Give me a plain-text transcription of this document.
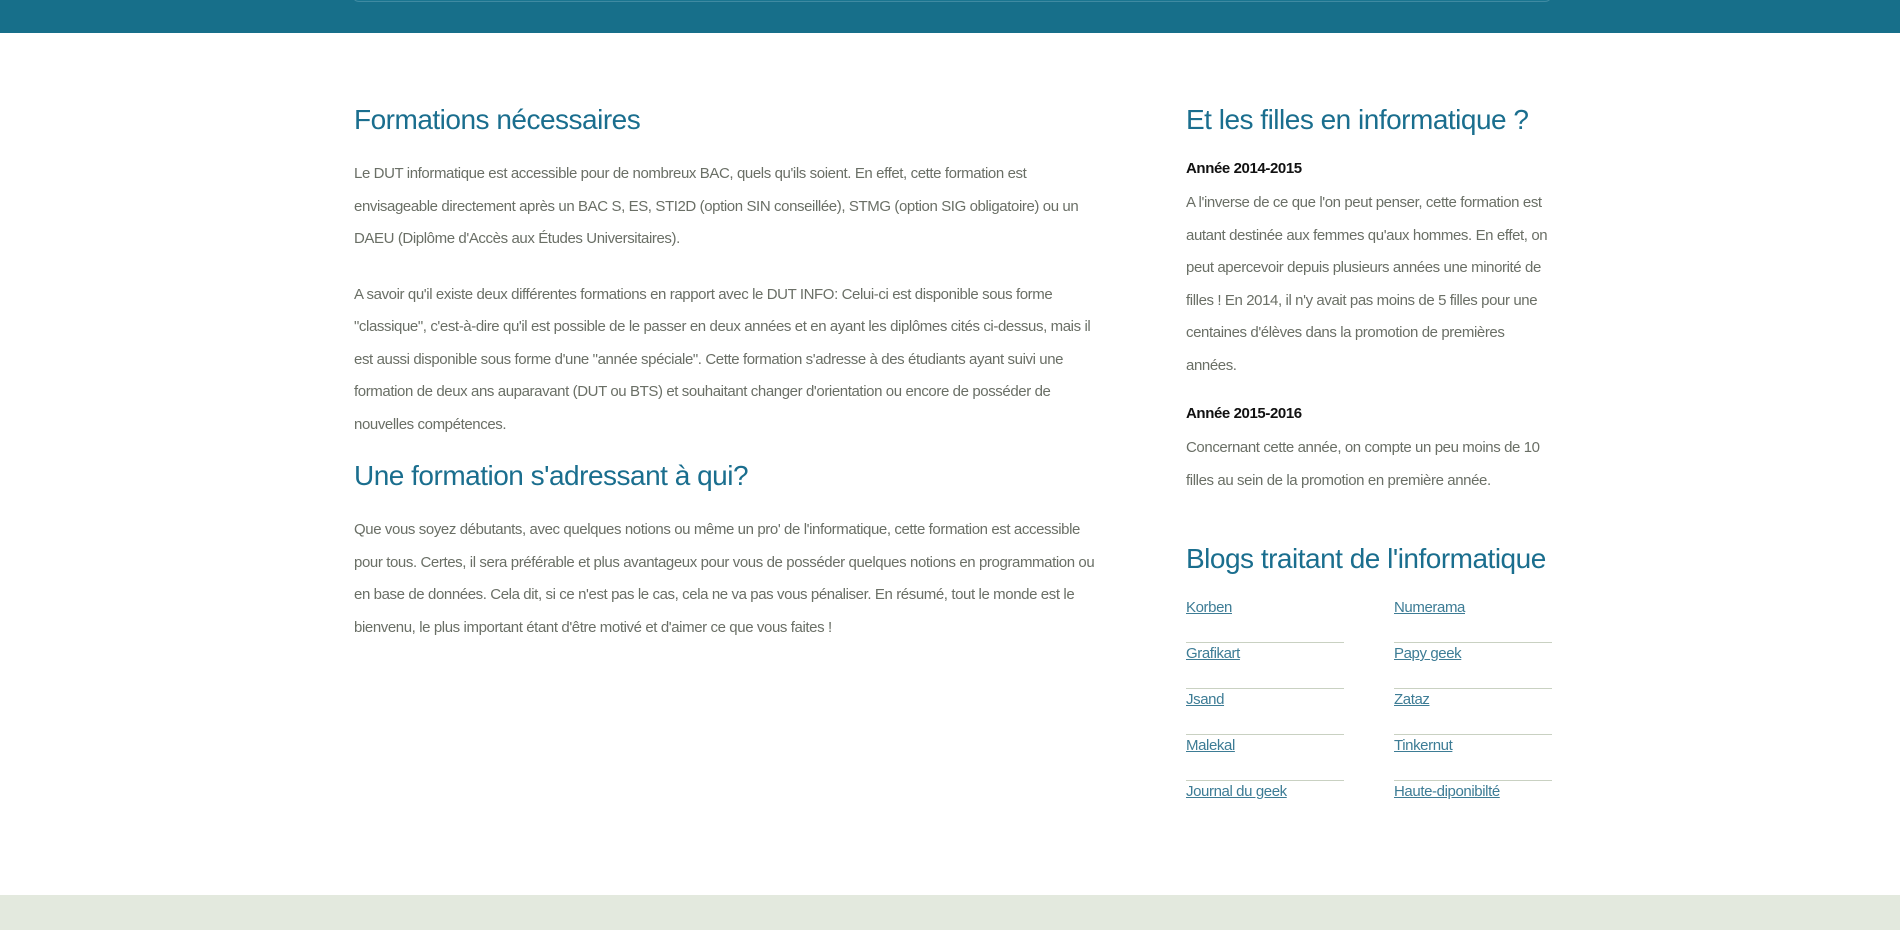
Formations nécessaires

Le DUT informatique est accessible pour de nombreux BAC, quels qu'ils soient. En effet, cette formation est envisageable directement après un BAC S, ES, STI2D (option SIN conseillée), STMG (option SIG obligatoire) ou un DAEU (Diplôme d'Accès aux Études Universitaires).

A savoir qu'il existe deux différentes formations en rapport avec le DUT INFO: Celui-ci est disponible sous forme "classique", c'est-à-dire qu'il est possible de le passer en deux années et en ayant les diplômes cités ci-dessus, mais il est aussi disponible sous forme d'une "année spéciale". Cette formation s'adresse à des étudiants ayant suivi une formation de deux ans auparavant (DUT ou BTS) et souhaitant changer d'orientation ou encore de posséder de nouvelles compétences.

Une formation s'adressant à qui?

Que vous soyez débutants, avec quelques notions ou même un pro' de l'informatique, cette formation est accessible pour tous. Certes, il sera préférable et plus avantageux pour vous de posséder quelques notions en programmation ou en base de données. Cela dit, si ce n'est pas le cas, cela ne va pas vous pénaliser. En résumé, tout le monde est le bienvenu, le plus important étant d'être motivé et d'aimer ce que vous faites !

Et les filles en informatique ?
Année 2014-2015

A l'inverse de ce que l'on peut penser, cette formation est autant destinée aux femmes qu'aux hommes. En effet, on peut apercevoir depuis plusieurs années une minorité de filles ! En 2014, il n'y avait pas moins de 5 filles pour une centaines d'élèves dans la promotion de premières années.

Année 2015-2016

Concernant cette année, on compte un peu moins de 10 filles au sein de la promotion en première année.

Blogs traitant de l'informatique
Korben	Numerama
Grafikart	Papy geek
Jsand	Zataz
Malekal	Tinkernut
Journal du geek	Haute-diponibilté
